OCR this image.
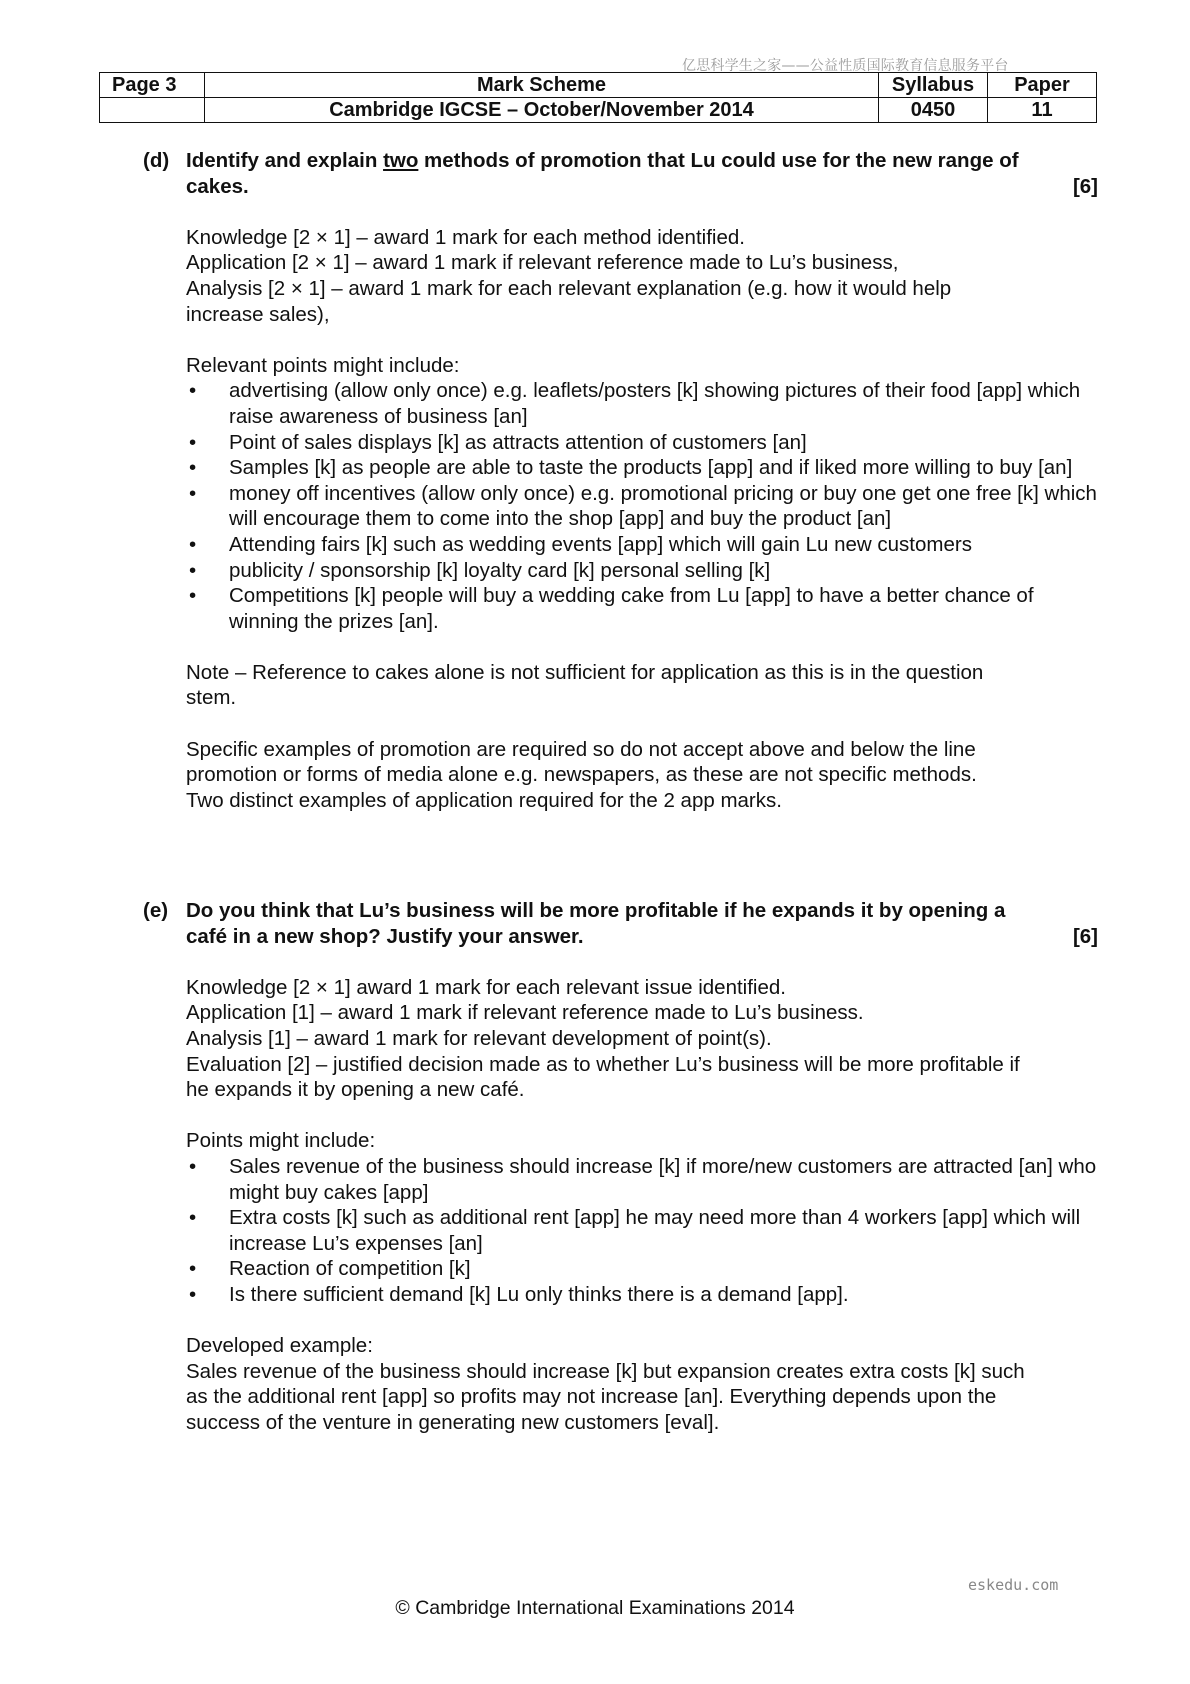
亿思科学生之家——公益性质国际教育信息服务平台
Page 3	Mark Scheme	Syllabus	Paper
	Cambridge IGCSE – October/November 2014	0450	11
(d) Identify and explain two methods of promotion that Lu could use for the new range of
cakes.	[6]
Knowledge [2 × 1] – award 1 mark for each method identified.
Application [2 × 1] – award 1 mark if relevant reference made to Lu’s business,
Analysis [2 × 1] – award 1 mark for each relevant explanation (e.g. how it would help
increase sales),
Relevant points might include:
• advertising (allow only once) e.g. leaflets/posters [k] showing pictures of their food [app] which raise awareness of business [an]
• Point of sales displays [k] as attracts attention of customers [an]
• Samples [k] as people are able to taste the products [app] and if liked more willing to buy [an]
• money off incentives (allow only once) e.g. promotional pricing or buy one get one free [k] which will encourage them to come into the shop [app] and buy the product [an]
• Attending fairs [k] such as wedding events [app] which will gain Lu new customers
• publicity / sponsorship [k] loyalty card [k] personal selling [k]
• Competitions [k] people will buy a wedding cake from Lu [app] to have a better chance of winning the prizes [an].
Note – Reference to cakes alone is not sufficient for application as this is in the question
stem.
Specific examples of promotion are required so do not accept above and below the line
promotion or forms of media alone e.g. newspapers, as these are not specific methods.
Two distinct examples of application required for the 2 app marks.
(e) Do you think that Lu’s business will be more profitable if he expands it by opening a
café in a new shop? Justify your answer.	[6]
Knowledge [2 × 1] award 1 mark for each relevant issue identified.
Application [1] – award 1 mark if relevant reference made to Lu’s business.
Analysis [1] – award 1 mark for relevant development of point(s).
Evaluation [2] – justified decision made as to whether Lu’s business will be more profitable if
he expands it by opening a new café.
Points might include:
• Sales revenue of the business should increase [k] if more/new customers are attracted [an] who might buy cakes [app]
• Extra costs [k] such as additional rent [app] he may need more than 4 workers [app] which will increase Lu’s expenses [an]
• Reaction of competition [k]
• Is there sufficient demand [k] Lu only thinks there is a demand [app].
Developed example:
Sales revenue of the business should increase [k] but expansion creates extra costs [k] such
as the additional rent [app] so profits may not increase [an]. Everything depends upon the
success of the venture in generating new customers [eval].
eskedu.com
© Cambridge International Examinations 2014
